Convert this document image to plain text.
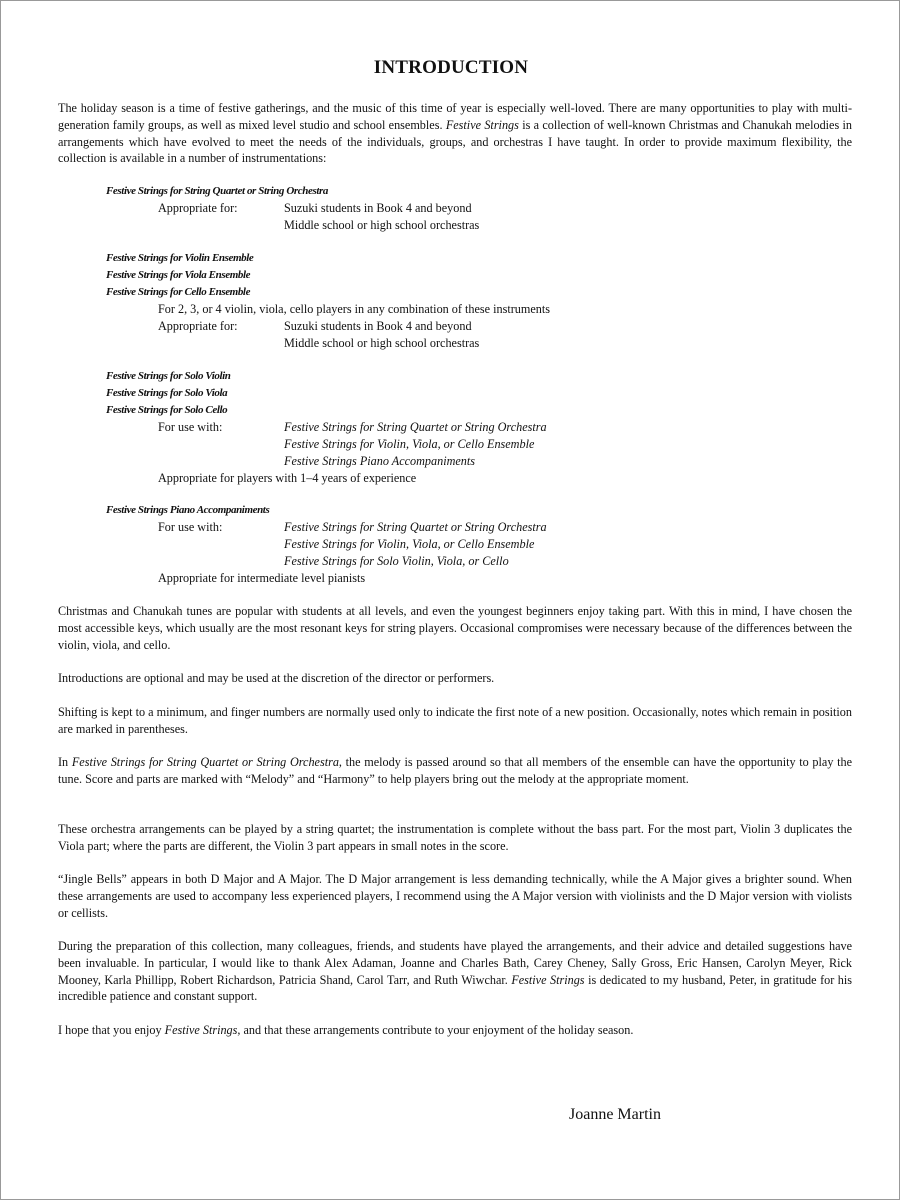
INTRODUCTION
The holiday season is a time of festive gatherings, and the music of this time of year is especially well-loved. There are many opportunities to play with multi-generation family groups, as well as mixed level studio and school ensembles. Festive Strings is a collection of well-known Christmas and Chanukah melodies in arrangements which have evolved to meet the needs of the individuals, groups, and orchestras I have taught. In order to provide maximum flexibility, the collection is available in a number of instrumentations:
Festive Strings for String Quartet or String Orchestra
Appropriate for:	Suzuki students in Book 4 and beyond
Middle school or high school orchestras
Festive Strings for Violin Ensemble
Festive Strings for Viola Ensemble
Festive Strings for Cello Ensemble
For 2, 3, or 4 violin, viola, cello players in any combination of these instruments
Appropriate for:	Suzuki students in Book 4 and beyond
Middle school or high school orchestras
Festive Strings for Solo Violin
Festive Strings for Solo Viola
Festive Strings for Solo Cello
For use with:	Festive Strings for String Quartet or String Orchestra
Festive Strings for Violin, Viola, or Cello Ensemble
Festive Strings Piano Accompaniments
Appropriate for players with 1–4 years of experience
Festive Strings Piano Accompaniments
For use with:	Festive Strings for String Quartet or String Orchestra
Festive Strings for Violin, Viola, or Cello Ensemble
Festive Strings for Solo Violin, Viola, or Cello
Appropriate for intermediate level pianists
Christmas and Chanukah tunes are popular with students at all levels, and even the youngest beginners enjoy taking part. With this in mind, I have chosen the most accessible keys, which usually are the most resonant keys for string players. Occasional compromises were necessary because of the differences between the violin, viola, and cello.
Introductions are optional and may be used at the discretion of the director or performers.
Shifting is kept to a minimum, and finger numbers are normally used only to indicate the first note of a new position. Occasionally, notes which remain in position are marked in parentheses.
In Festive Strings for String Quartet or String Orchestra, the melody is passed around so that all members of the ensemble can have the opportunity to play the tune. Score and parts are marked with “Melody” and “Harmony” to help players bring out the melody at the appropriate moment.
These orchestra arrangements can be played by a string quartet; the instrumentation is complete without the bass part. For the most part, Violin 3 duplicates the Viola part; where the parts are different, the Violin 3 part appears in small notes in the score.
“Jingle Bells” appears in both D Major and A Major. The D Major arrangement is less demanding technically, while the A Major gives a brighter sound. When these arrangements are used to accompany less experienced players, I recommend using the A Major version with violinists and the D Major version with violists or cellists.
During the preparation of this collection, many colleagues, friends, and students have played the arrangements, and their advice and detailed suggestions have been invaluable. In particular, I would like to thank Alex Adaman, Joanne and Charles Bath, Carey Cheney, Sally Gross, Eric Hansen, Carolyn Meyer, Rick Mooney, Karla Phillipp, Robert Richardson, Patricia Shand, Carol Tarr, and Ruth Wiwchar. Festive Strings is dedicated to my husband, Peter, in gratitude for his incredible patience and constant support.
I hope that you enjoy Festive Strings, and that these arrangements contribute to your enjoyment of the holiday season.
Joanne Martin
